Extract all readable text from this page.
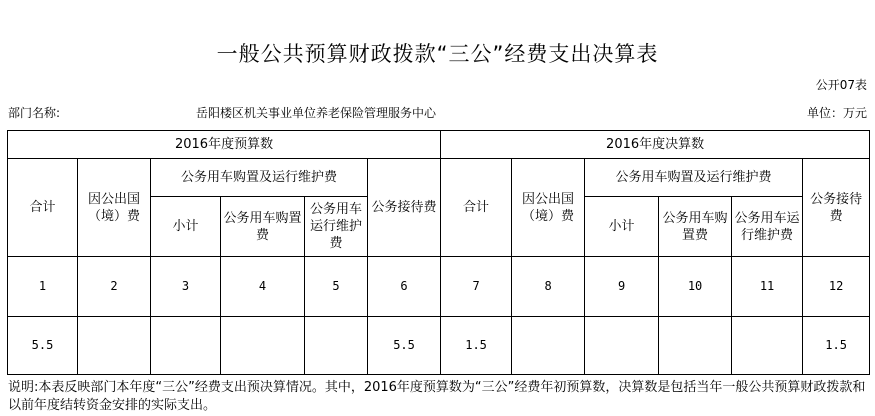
一般公共预算财政拨款“三公”经费支出决算表
公开07表
部门名称:	岳阳楼区机关事业单位养老保险管理服务中心	单位：万元
2016年度预算数						2016年度决算数					
合计	因公出国（境）费	公务用车购置及运行维护费			公务接待费	合计	因公出国（境）费	公务用车购置及运行维护费			公务接待费
		小计	公务用车购置费	公务用车运行维护费				小计	公务用车购置费	公务用车运行维护费	
1	2	3	4	5	6	7	8	9	10	11	12
5.5					5.5	1.5					1.5
说明:本表反映部门本年度“三公”经费支出预决算情况。其中，2016年度预算数为“三公”经费年初预算数，决算数是包括当年一般公共预算财政拨款和以前年度结转资金安排的实际支出。
